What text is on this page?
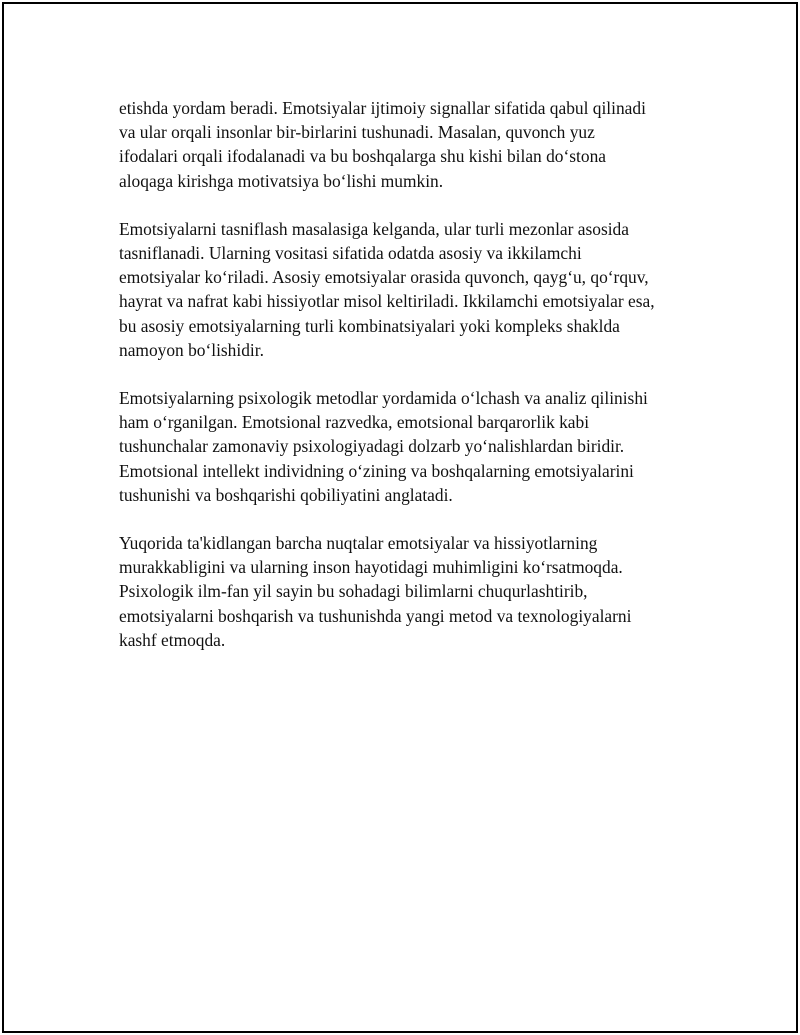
etishda yordam beradi. Emotsiyalar ijtimoiy signallar sifatida qabul qilinadi
va ular orqali insonlar bir-birlarini tushunadi. Masalan, quvonch yuz
ifodalari orqali ifodalanadi va bu boshqalarga shu kishi bilan do‘stona
aloqaga kirishga motivatsiya bo‘lishi mumkin.

Emotsiyalarni tasniflash masalasiga kelganda, ular turli mezonlar asosida
tasniflanadi. Ularning vositasi sifatida odatda asosiy va ikkilamchi
emotsiyalar ko‘riladi. Asosiy emotsiyalar orasida quvonch, qayg‘u, qo‘rquv,
hayrat va nafrat kabi hissiyotlar misol keltiriladi. Ikkilamchi emotsiyalar esa,
bu asosiy emotsiyalarning turli kombinatsiyalari yoki kompleks shaklda
namoyon bo‘lishidir.

Emotsiyalarning psixologik metodlar yordamida o‘lchash va analiz qilinishi
ham o‘rganilgan. Emotsional razvedka, emotsional barqarorlik kabi
tushunchalar zamonaviy psixologiyadagi dolzarb yo‘nalishlardan biridir.
Emotsional intellekt individning o‘zining va boshqalarning emotsiyalarini
tushunishi va boshqarishi qobiliyatini anglatadi.

Yuqorida ta'kidlangan barcha nuqtalar emotsiyalar va hissiyotlarning
murakkabligini va ularning inson hayotidagi muhimligini ko‘rsatmoqda.
Psixologik ilm-fan yil sayin bu sohadagi bilimlarni chuqurlashtirib,
emotsiyalarni boshqarish va tushunishda yangi metod va texnologiyalarni
kashf etmoqda.
